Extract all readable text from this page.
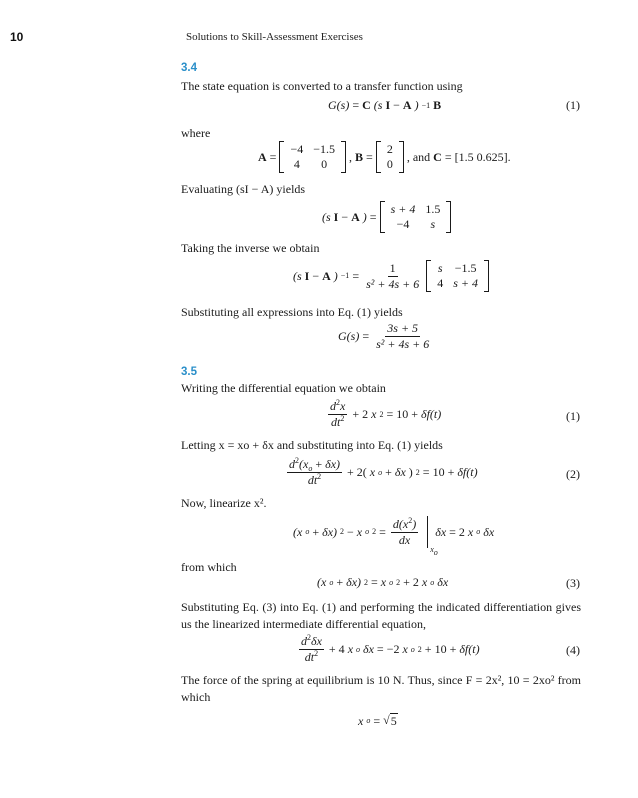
10	Solutions to Skill-Assessment Exercises
3.4
The state equation is converted to a transfer function using
G(s) = C (s I − A ) −1 B	(1)
where
A =
−4	−1.5
4	0
, B =
2
0
, and C = [1.5 0.625].
Evaluating (sI − A) yields
(s I − A ) =
s + 4	1.5
−4	s
Taking the inverse we obtain
(s I − A ) $-1 = \frac{1}{\text{s² + 4s + 6}}$ s	−1.5
4	s + 4
Substituting all expressions into Eq. (1) yields
$G(s) = \frac{3s + 5}{\text{s² + 4s + 6}}$
3.5
Writing the differential equation we obtain
$\frac{d^2x}{dt^2} + 2$ x 2 = 10 + δf(t)	(1)
Letting x = xo + δx and substituting into Eq. (1) yields
$\frac{d^2(x_o + \delta x)}{dt^2} + 2$( x o + δx ) 2 = 10 + δf(t)	(2)
Now, linearize x².
(x o + δx) 2 − x o $2 = \frac{d(x^2)}{dx}$
$x_o$
δx = 2 x o δx
from which
(x o + δx) 2 = x o 2 + 2 x o δx	(3)
Substituting Eq. (3) into Eq. (1) and performing the indicated differentiation gives us the linearized intermediate differential equation,
$\frac{d^2\delta x}{dt^2} + 4$ x o δx = −2 x o 2 + 10 + δf(t)	(4)
The force of the spring at equilibrium is 10 N. Thus, since F = 2x², 10 = 2xo² from which
x o = √ 5
